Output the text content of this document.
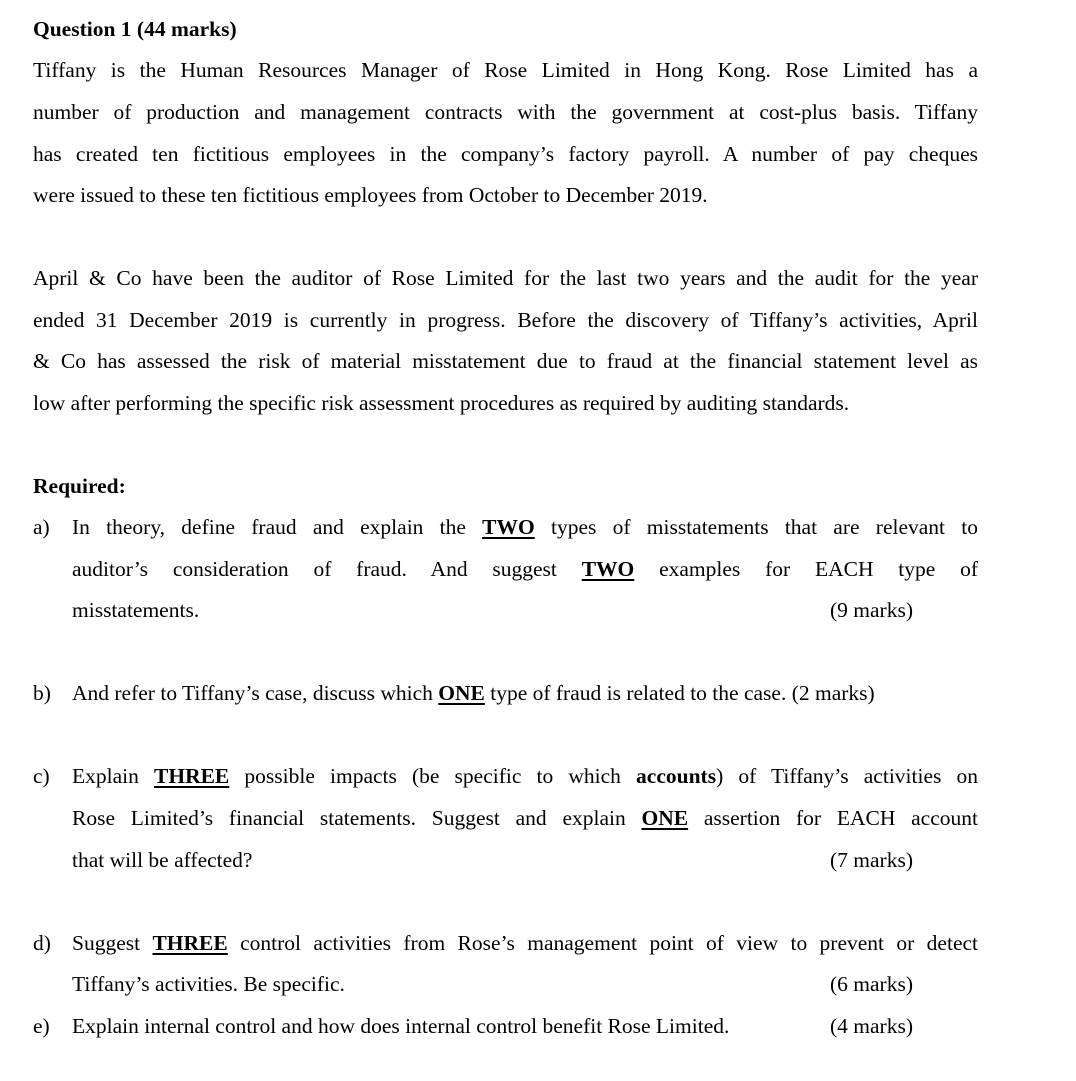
Question 1 (44 marks)
Tiffany is the Human Resources Manager of Rose Limited in Hong Kong. Rose Limited has a
number of production and management contracts with the government at cost-plus basis. Tiffany
has created ten fictitious employees in the company’s factory payroll. A number of pay cheques
were issued to these ten fictitious employees from October to December 2019.
April & Co have been the auditor of Rose Limited for the last two years and the audit for the year
ended 31 December 2019 is currently in progress. Before the discovery of Tiffany’s activities, April
& Co has assessed the risk of material misstatement due to fraud at the financial statement level as
low after performing the specific risk assessment procedures as required by auditing standards.
Required:
a) In theory, define fraud and explain the TWO types of misstatements that are relevant to
auditor’s consideration of fraud. And suggest TWO examples for EACH type of
misstatements.	(9 marks)
b) And refer to Tiffany’s case, discuss which ONE type of fraud is related to the case. (2 marks)
c) Explain THREE possible impacts (be specific to which accounts) of Tiffany’s activities on
Rose Limited’s financial statements. Suggest and explain ONE assertion for EACH account
that will be affected?	(7 marks)
d) Suggest THREE control activities from Rose’s management point of view to prevent or detect
Tiffany’s activities. Be specific.	(6 marks)
e) Explain internal control and how does internal control benefit Rose Limited.	(4 marks)
